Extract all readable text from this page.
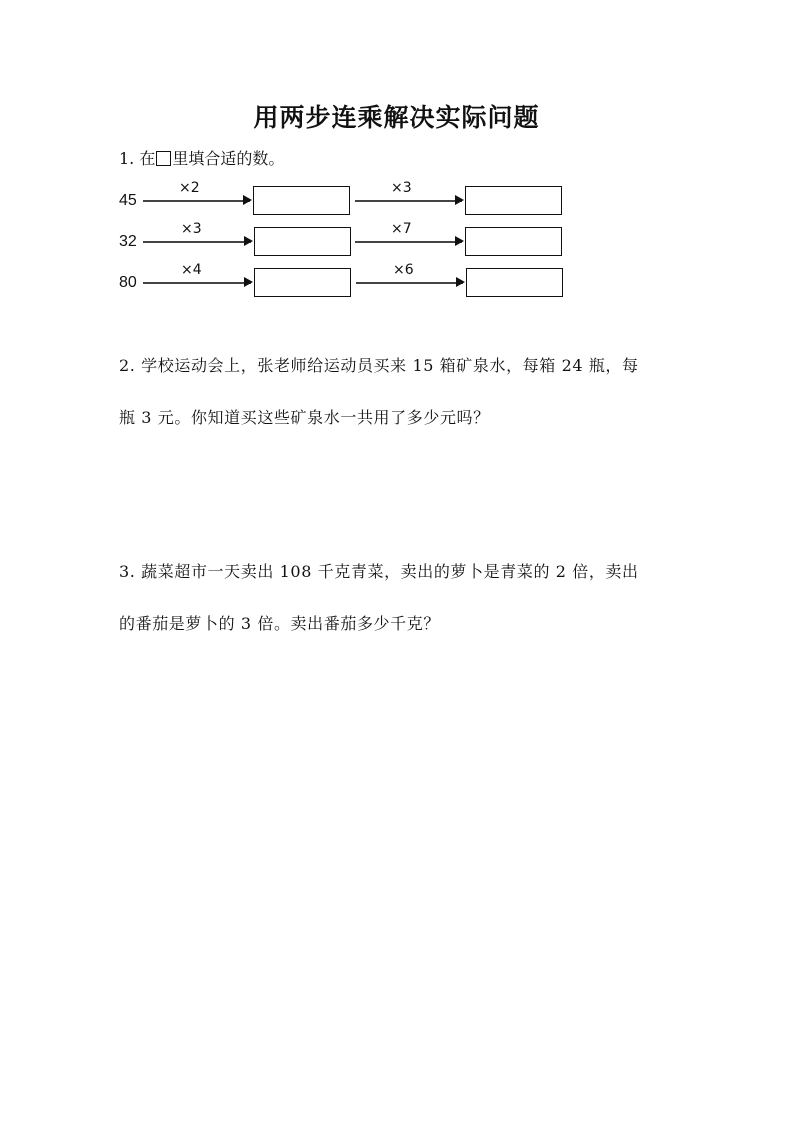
用两步连乘解决实际问题
1. 在 里填合适的数。
45
×2	×3
32
×3	×7
80
×4	×6
2. 学校运动会上，张老师给运动员买来 15 箱矿泉水，每箱 24 瓶，每
瓶 3 元。你知道买这些矿泉水一共用了多少元吗？
3. 蔬菜超市一天卖出 108 千克青菜，卖出的萝卜是青菜的 2 倍，卖出
的番茄是萝卜的 3 倍。卖出番茄多少千克？
